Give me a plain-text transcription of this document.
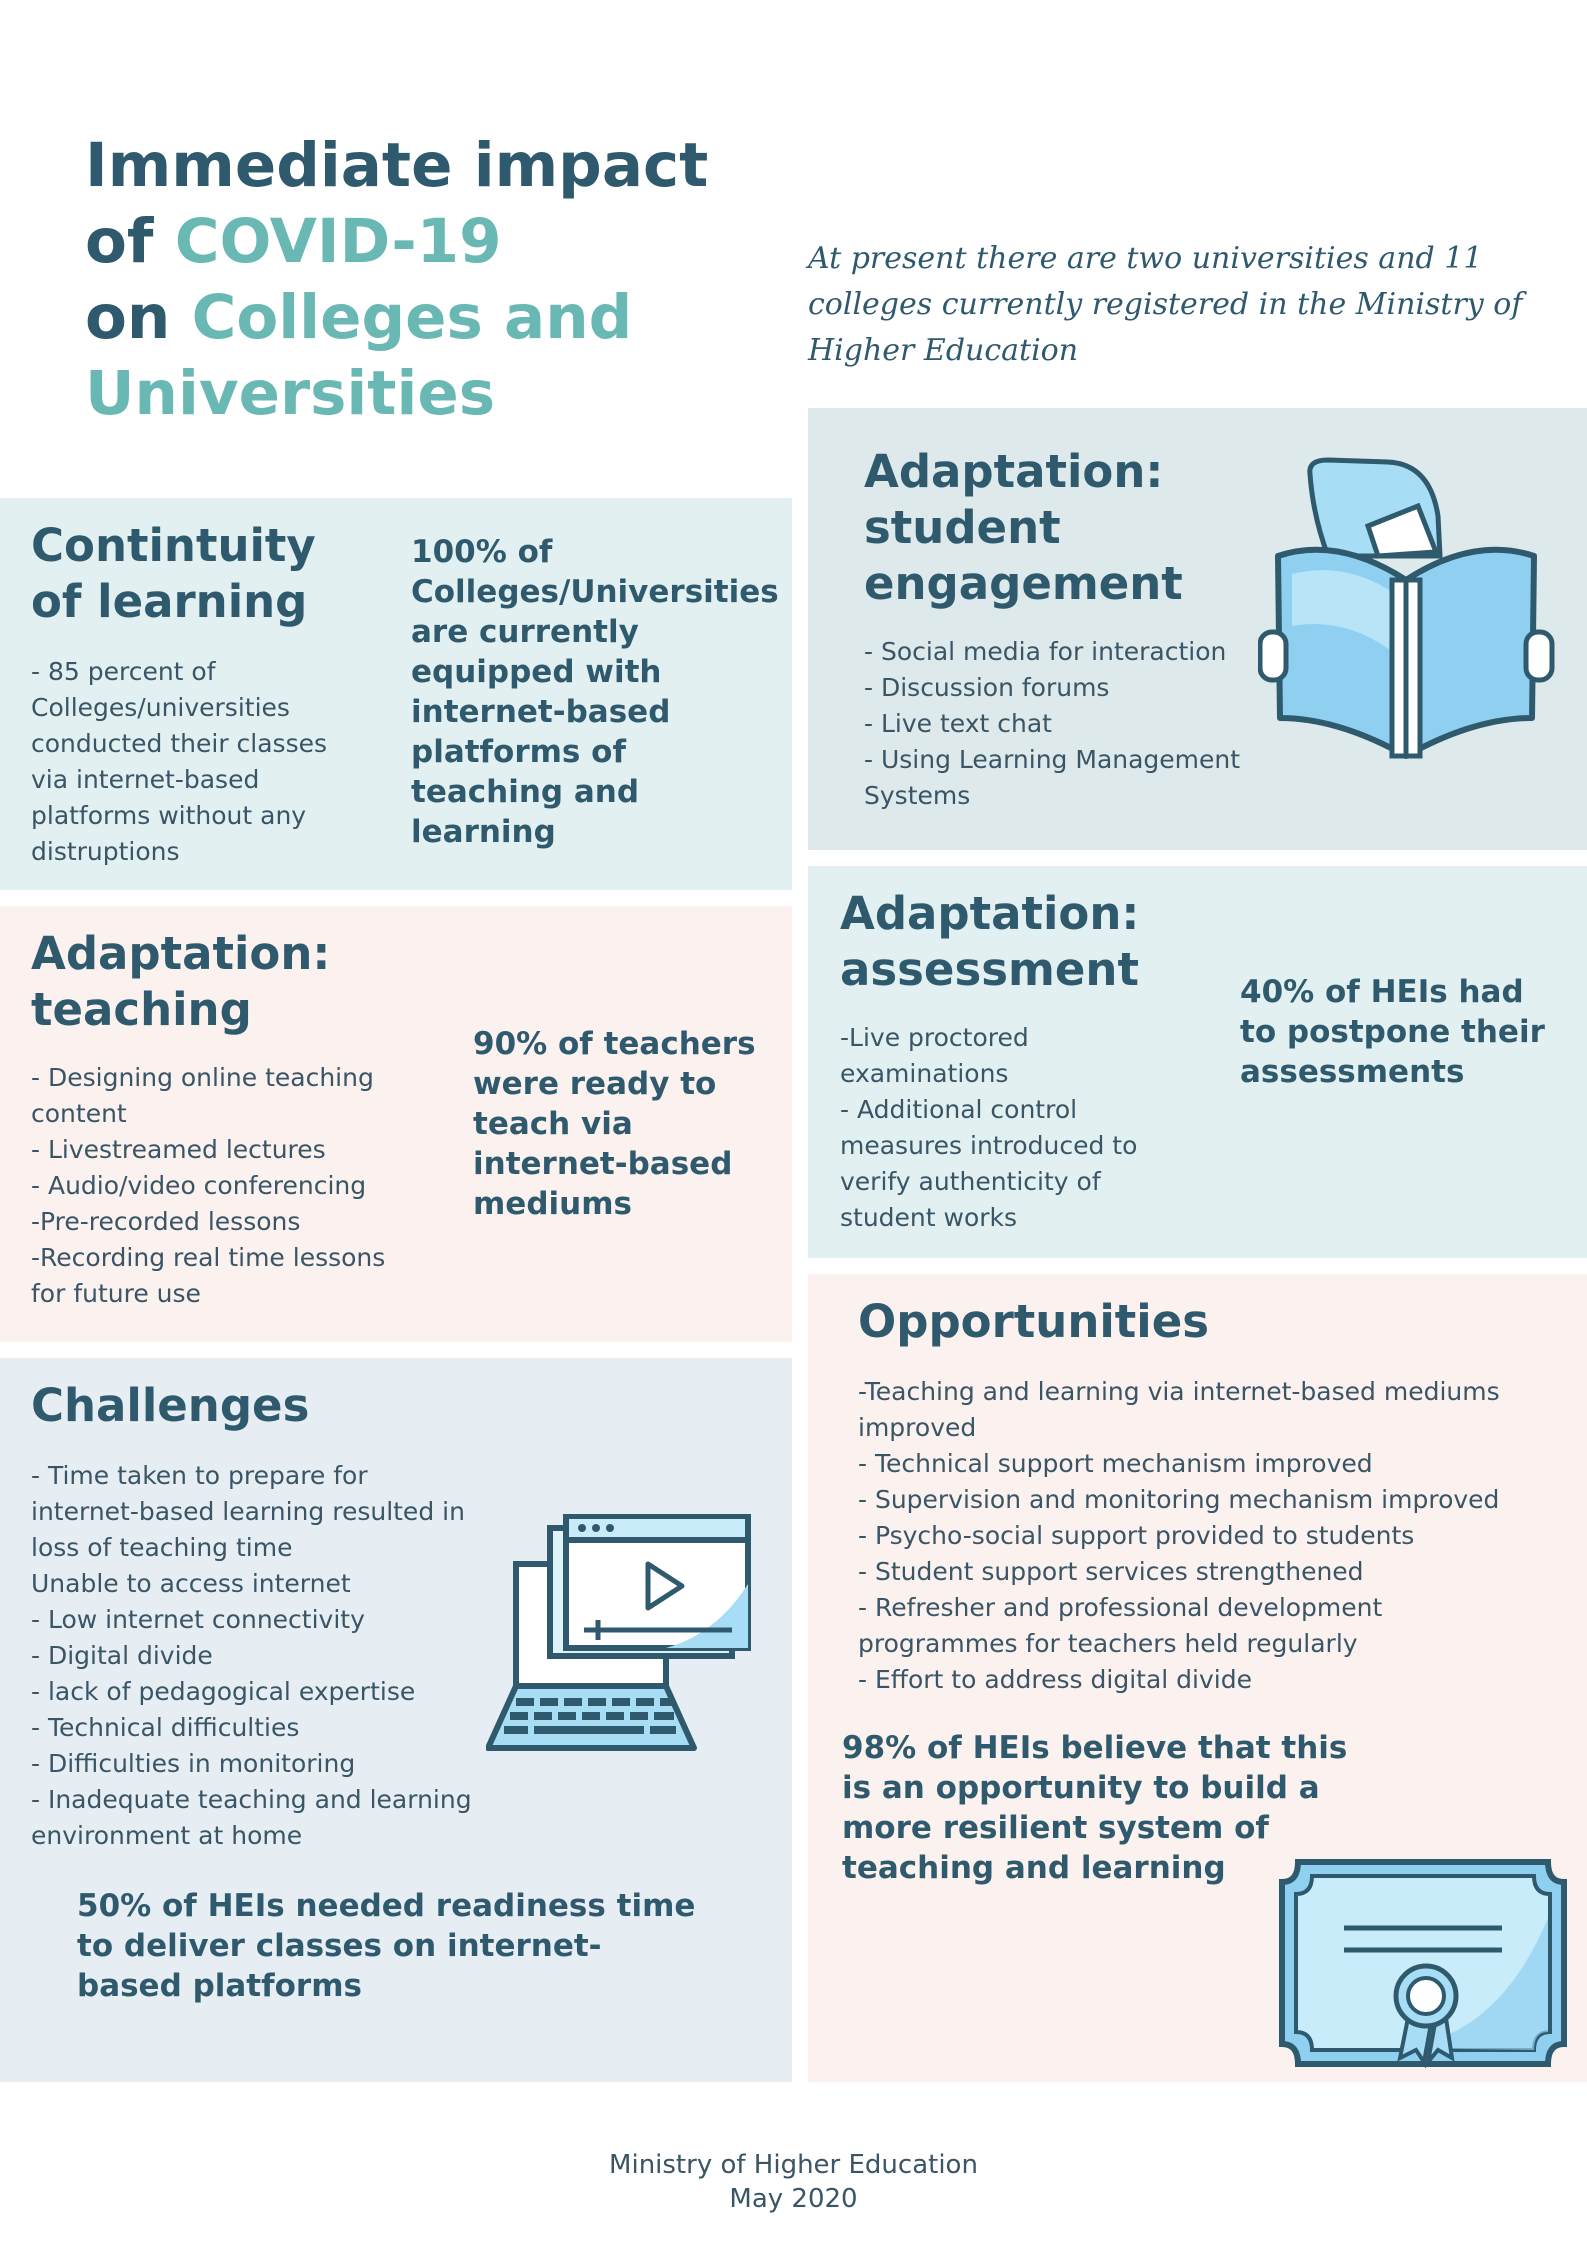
Immediate impact
of COVID-19
on Colleges and
Universities
At present there are two universities and 11 colleges currently registered in the Ministry of Higher Education
Contintuity of learning
- 85 percent of Colleges/universities conducted their classes via internet-based platforms without any distruptions
100% of Colleges/Universities are currently equipped with internet-based platforms of teaching and learning
Adaptation: student engagement
- Social media for interaction
- Discussion forums
- Live text chat
- Using Learning Management Systems
Adaptation: teaching
- Designing online teaching content
- Livestreamed lectures
- Audio/video conferencing
-Pre-recorded lessons
-Recording real time lessons for future use
90% of teachers were ready to teach via internet-based mediums
Adaptation: assessment
-Live proctored examinations
- Additional control measures introduced to verify authenticity of student works
40% of HEIs had to postpone their assessments
Challenges
- Time taken to prepare for internet-based learning resulted in loss of teaching time
Unable to access internet
- Low internet connectivity
- Digital divide
- lack of pedagogical expertise
- Technical difficulties
- Difficulties in monitoring
- Inadequate teaching and learning environment at home
50% of HEIs needed readiness time to deliver classes on internet-based platforms
Opportunities
-Teaching and learning via internet-based mediums improved
- Technical support mechanism improved
- Supervision and monitoring mechanism improved
- Psycho-social support provided to students
- Student support services strengthened
- Refresher and professional development programmes for teachers held regularly
- Effort to address digital divide
98% of HEIs believe that this is an opportunity to build a more resilient system of teaching and learning
Ministry of Higher Education
May 2020
